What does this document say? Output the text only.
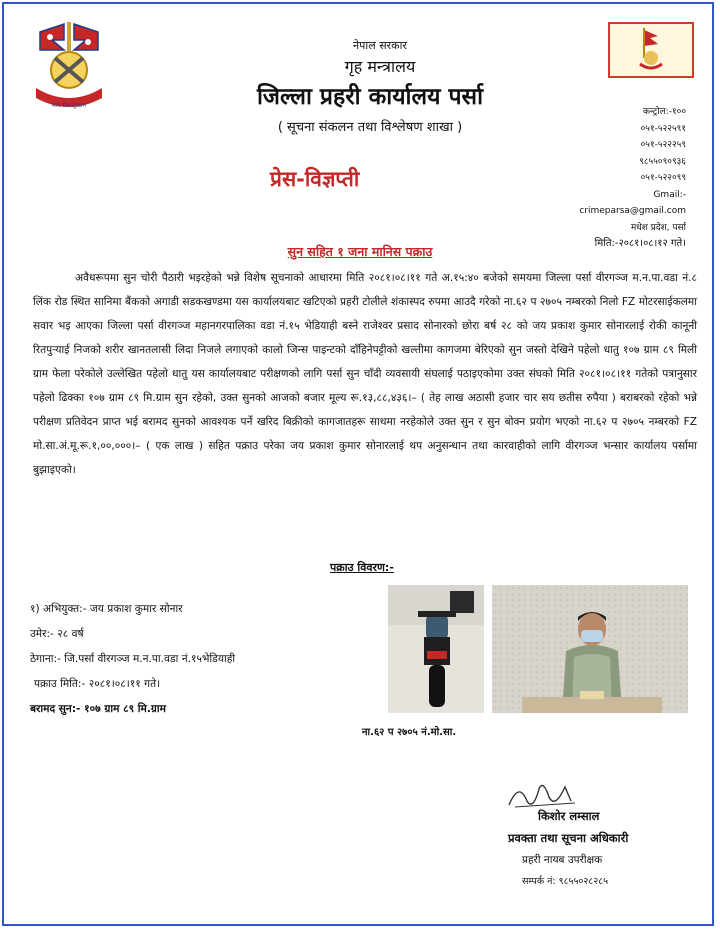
नेपाल प्रहरी
सत्य सेवा सुरक्षण
नेपाल सरकार
गृह मन्त्रालय
जिल्ला प्रहरी कार्यालय पर्सा
( सूचना संकलन तथा विश्लेषण शाखा )
कन्ट्रोल:-१००
०५१-५२२५९१
०५१-५२२२५९
९८५५०९०९३६
०५१-५२२०९९
Gmail:-
crimeparsa@gmail.com
मधेश प्रदेश, पर्सा
मिति:-२०८१।०८।१२ गते।
प्रेस-विज्ञप्ती
सुन सहित १ जना मानिस पक्राउ
अवैधरूपमा सुन चोरी पैठारी भइरहेको भन्ने विशेष सूचनाको आधारमा मिति २०८१।०८।११ गते अ.१५:४० बजेको समयमा जिल्ला पर्सा वीरगञ्ज म.न.पा.वडा नं.८ लिंक रोड स्थित सानिमा बैंकको अगाडी सडकखण्डमा यस कार्यालयबाट खटिएको प्रहरी टोलीले शंकास्पद रुपमा आउदै गरेको ना.६२ प २७०५ नम्बरको निलो FZ मोटरसाईकलमा सवार भइ आएका जिल्ला पर्सा वीरगञ्ज महानगरपालिका वडा नं.१५ भेडियाही बस्ने राजेश्वर प्रसाद सोनारको छोरा बर्ष २८ को जय प्रकाश कुमार सोनारलाई रोकी कानूनी रितपुर्‍याई निजको शरीर खानतलासी लिदा निजले लगाएको कालो जिन्स पाइन्टको दाँहिनेपट्टीको खल्तीमा कागजमा बेरिएको सुन जस्तो देखिने पहेलो धातु १०७ ग्राम ८९ मिली ग्राम फेला परेकोले उल्लेखित पहेलो धातु यस कार्यालयबाट परीक्षणको लागि पर्सा सुन चाँदी व्यवसायी संघलाई पठाइएकोमा उक्त संघको मिति २०८१।०८।११ गतेको पत्रानुसार पहेलो ढिक्का १०७ ग्राम ८९ मि.ग्राम सुन रहेको, उक्त सुनको आजको बजार मूल्य रू.१३,८८,४३६।– ( तेह लाख अठासी हजार चार सय छतीस रुपैया ) बराबरको रहेको भन्ने परीक्षण प्रतिवेदन प्राप्त भई बरामद सुनको आवश्यक पर्ने खरिद बिक्रीको कागजातहरू साथमा नरहेकोले उक्त सुन र सुन बोक्न प्रयोग भएको ना.६२ प २७०५ नम्बरको FZ मो.सा.अं.मू.रू.१,००,०००।– ( एक लाख ) सहित पक्राउ परेका जय प्रकाश कुमार सोनारलाई थप अनुसन्धान तथा कारवाहीको लागि वीरगञ्ज भन्सार कार्यालय पर्सामा बुझाइएको।
पक्राउ विवरण:-
१) अभियुक्त:- जय प्रकाश कुमार सोनार
उमेर:- २८ वर्ष
ठेगाना:- जि.पर्सा वीरगञ्ज म.न.पा.वडा नं.१५भेडियाही
पक्राउ मिति:- २०८१।०८।११ गते।
बरामद सुन:- १०७ ग्राम ८९ मि.ग्राम
ना.६२ प २७०५ नं.मो.सा.
किशोर लम्साल
प्रवक्ता तथा सूचना अधिकारी
प्रहरी नायब उपरीक्षक
सम्पर्क नं: ९८५५०२८२८५
